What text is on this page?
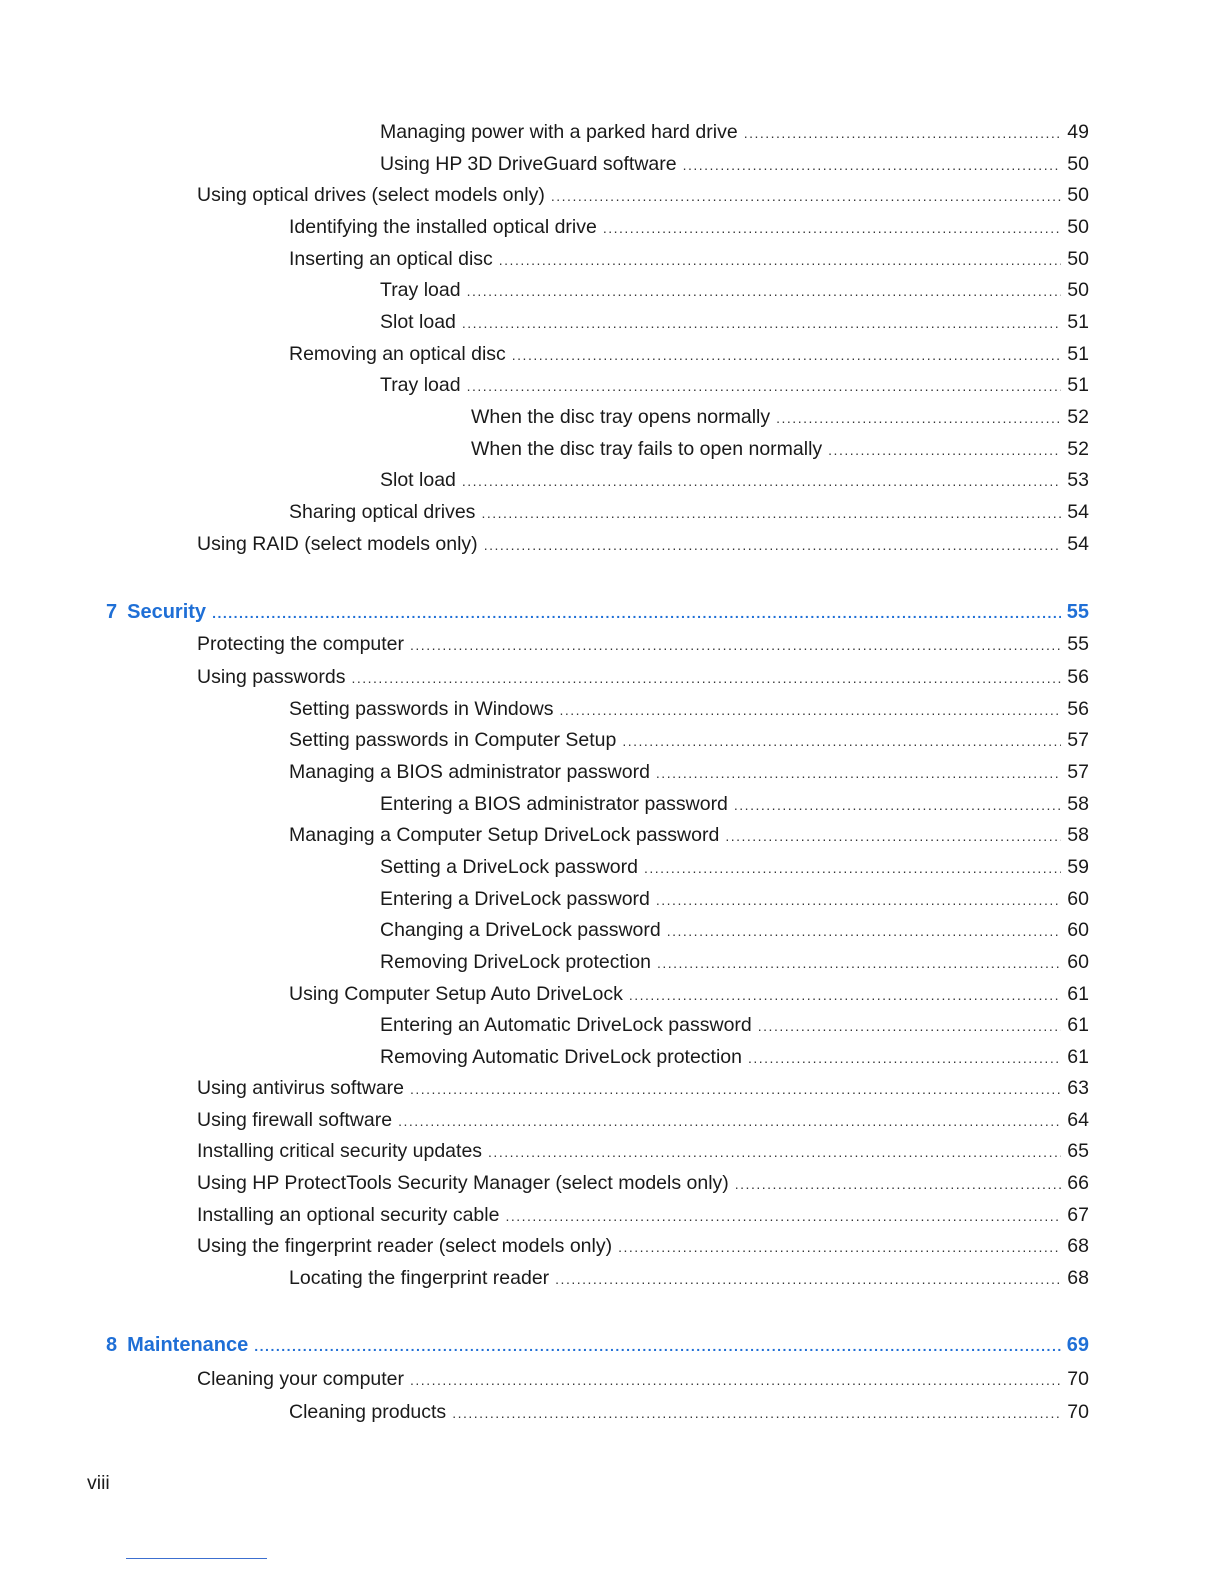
Managing power with a parked hard drive .....	49
Using HP 3D DriveGuard software .....	50
Using optical drives (select models only) .....	50
Identifying the installed optical drive .....	50
Inserting an optical disc .....	50
Tray load .....	50
Slot load .....	51
Removing an optical disc .....	51
Tray load .....	51
When the disc tray opens normally .....	52
When the disc tray fails to open normally .....	52
Slot load .....	53
Sharing optical drives .....	54
Using RAID (select models only) .....	54
7 Security .....	55
Protecting the computer .....	55
Using passwords .....	56
Setting passwords in Windows .....	56
Setting passwords in Computer Setup .....	57
Managing a BIOS administrator password .....	57
Entering a BIOS administrator password .....	58
Managing a Computer Setup DriveLock password .....	58
Setting a DriveLock password .....	59
Entering a DriveLock password .....	60
Changing a DriveLock password .....	60
Removing DriveLock protection .....	60
Using Computer Setup Auto DriveLock .....	61
Entering an Automatic DriveLock password .....	61
Removing Automatic DriveLock protection .....	61
Using antivirus software .....	63
Using firewall software .....	64
Installing critical security updates .....	65
Using HP ProtectTools Security Manager (select models only) .....	66
Installing an optional security cable .....	67
Using the fingerprint reader (select models only) .....	68
Locating the fingerprint reader .....	68
8 Maintenance .....	69
Cleaning your computer .....	70
Cleaning products .....	70
viii
